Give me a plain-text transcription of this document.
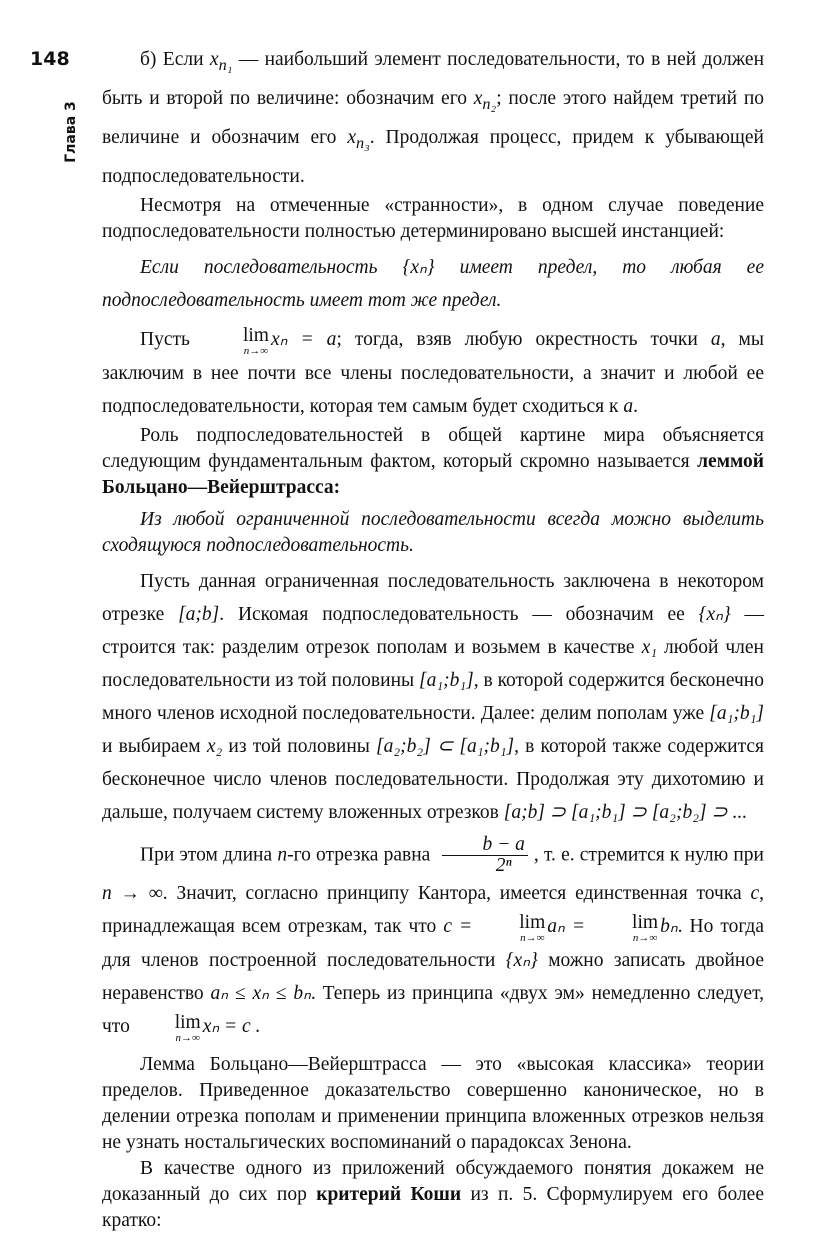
148
Глава 3

б) Если $x_{n_1}$ — наибольший элемент последовательности, то в ней должен быть и второй по величине: обозначим его $x_{n_2}$; после этого найдем третий по величине и обозначим его $x_{n_3}$. Продолжая процесс, придем к убывающей подпоследовательности.

Несмотря на отмеченные «странности», в одном случае поведение подпоследовательности полностью детерминировано высшей инстанцией:

Если последовательность {xₙ} имеет предел, то любая ее подпоследовательность имеет тот же предел.

Пусть	lim
n→∞
xₙ = a; тогда, взяв любую окрестность точки a, мы заключим в нее почти все члены последовательности, а значит и любой ее подпоследовательности, которая тем самым будет сходиться к a.

Роль подпоследовательностей в общей картине мира объясняется следующим фундаментальным фактом, который скромно называется леммой Больцано—Вейерштрасса:

Из любой ограниченной последовательности всегда можно выделить сходящуюся подпоследовательность.

Пусть данная ограниченная последовательность заключена в некотором отрезке [a;b]. Искомая подпоследовательность — обозначим ее {xₙ} — строится так: разделим отрезок пополам и возьмем в качестве x₁ любой член последовательности из той половины [a₁;b₁], в которой содержится бесконечно много членов исходной последовательности. Далее: делим пополам уже [a₁;b₁] и выбираем x₂ из той половины [a₂;b₂] ⊂ [a₁;b₁], в которой также содержится бесконечное число членов последовательности. Продолжая эту дихотомию и дальше, получаем систему вложенных отрезков [a;b] ⊃ [a₁;b₁] ⊃ [a₂;b₂] ⊃ ...

При этом длина n-го отрезка равна $\frac{b - a}{\text{2ⁿ}}$ , т. е. стремится к нулю при n → ∞. Значит, согласно принципу Кантора, имеется единственная точка c, принадлежащая всем отрезкам, так что c = lim
n→∞
aₙ = lim
n→∞
bₙ. Но тогда для членов построенной последовательности {xₙ} можно записать двойное неравенство aₙ ≤ xₙ ≤ bₙ. Теперь из принципа «двух эм» немедленно следует, что lim
n→∞
xₙ = c .

Лемма Больцано—Вейерштрасса — это «высокая классика» теории пределов. Приведенное доказательство совершенно каноническое, но в делении отрезка пополам и применении принципа вложенных отрезков нельзя не узнать ностальгических воспоминаний о парадоксах Зенона.

В качестве одного из приложений обсуждаемого понятия докажем не доказанный до сих пор критерий Коши из п. 5. Сформулируем его более кратко:
